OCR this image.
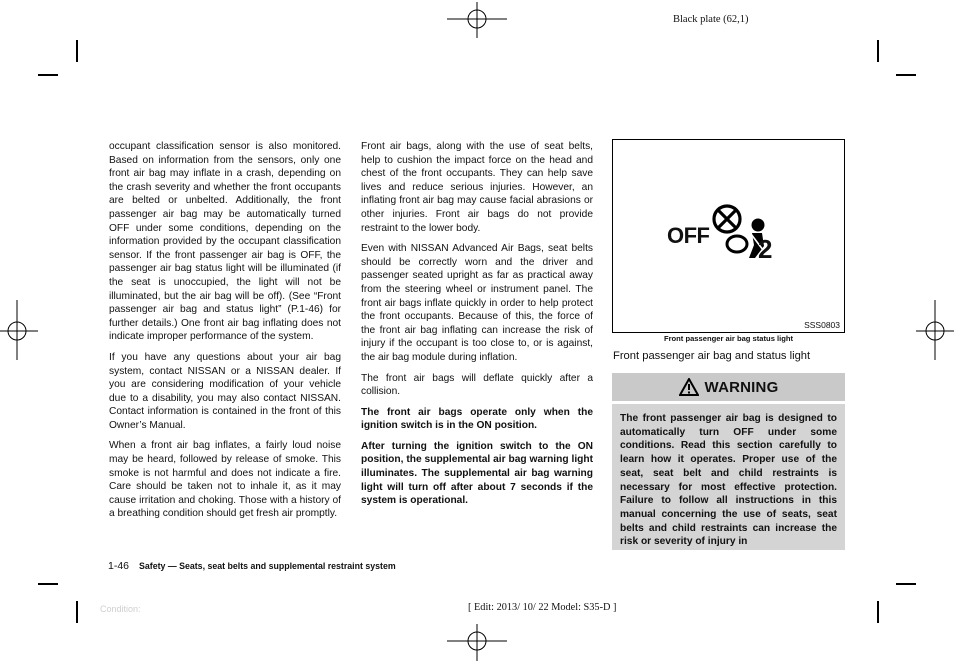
Black plate (62,1)

occupant classification sensor is also monitored. Based on information from the sensors, only one front air bag may inflate in a crash, depending on the crash severity and whether the front occupants are belted or unbelted. Additionally, the front passenger air bag may be automatically turned OFF under some conditions, depending on the information provided by the occupant classification sensor. If the front passenger air bag is OFF, the passenger air bag status light will be illuminated (if the seat is unoccupied, the light will not be illuminated, but the air bag will be off). (See “Front passenger air bag and status light” (P.1-46) for further details.) One front air bag inflating does not indicate improper performance of the system.

If you have any questions about your air bag system, contact NISSAN or a NISSAN dealer. If you are considering modification of your vehicle due to a disability, you may also contact NISSAN. Contact information is contained in the front of this Owner’s Manual.

When a front air bag inflates, a fairly loud noise may be heard, followed by release of smoke. This smoke is not harmful and does not indicate a fire. Care should be taken not to inhale it, as it may cause irritation and choking. Those with a history of a breathing condition should get fresh air promptly.

Front air bags, along with the use of seat belts, help to cushion the impact force on the head and chest of the front occupants. They can help save lives and reduce serious injuries. However, an inflating front air bag may cause facial abrasions or other injuries. Front air bags do not provide restraint to the lower body.

Even with NISSAN Advanced Air Bags, seat belts should be correctly worn and the driver and passenger seated upright as far as practical away from the steering wheel or instrument panel. The front air bags inflate quickly in order to help protect the front occupants. Because of this, the force of the front air bag inflating can increase the risk of injury if the occupant is too close to, or is against, the air bag module during inflation.

The front air bags will deflate quickly after a collision.

The front air bags operate only when the ignition switch is in the ON position.

After turning the ignition switch to the ON position, the supplemental air bag warning light illuminates. The supplemental air bag warning light will turn off after about 7 seconds if the system is operational.

OFF 2
SSS0803
Front passenger air bag status light
Front passenger air bag and status light
WARNING
The front passenger air bag is designed to automatically turn OFF under some conditions. Read this section carefully to learn how it operates. Proper use of the seat, seat belt and child restraints is necessary for most effective protection. Failure to follow all instructions in this manual concerning the use of seats, seat belts and child restraints can increase the risk or severity of injury in
1-46 Safety — Seats, seat belts and supplemental restraint system
Condition:	[ Edit: 2013/ 10/ 22 Model: S35-D ]
